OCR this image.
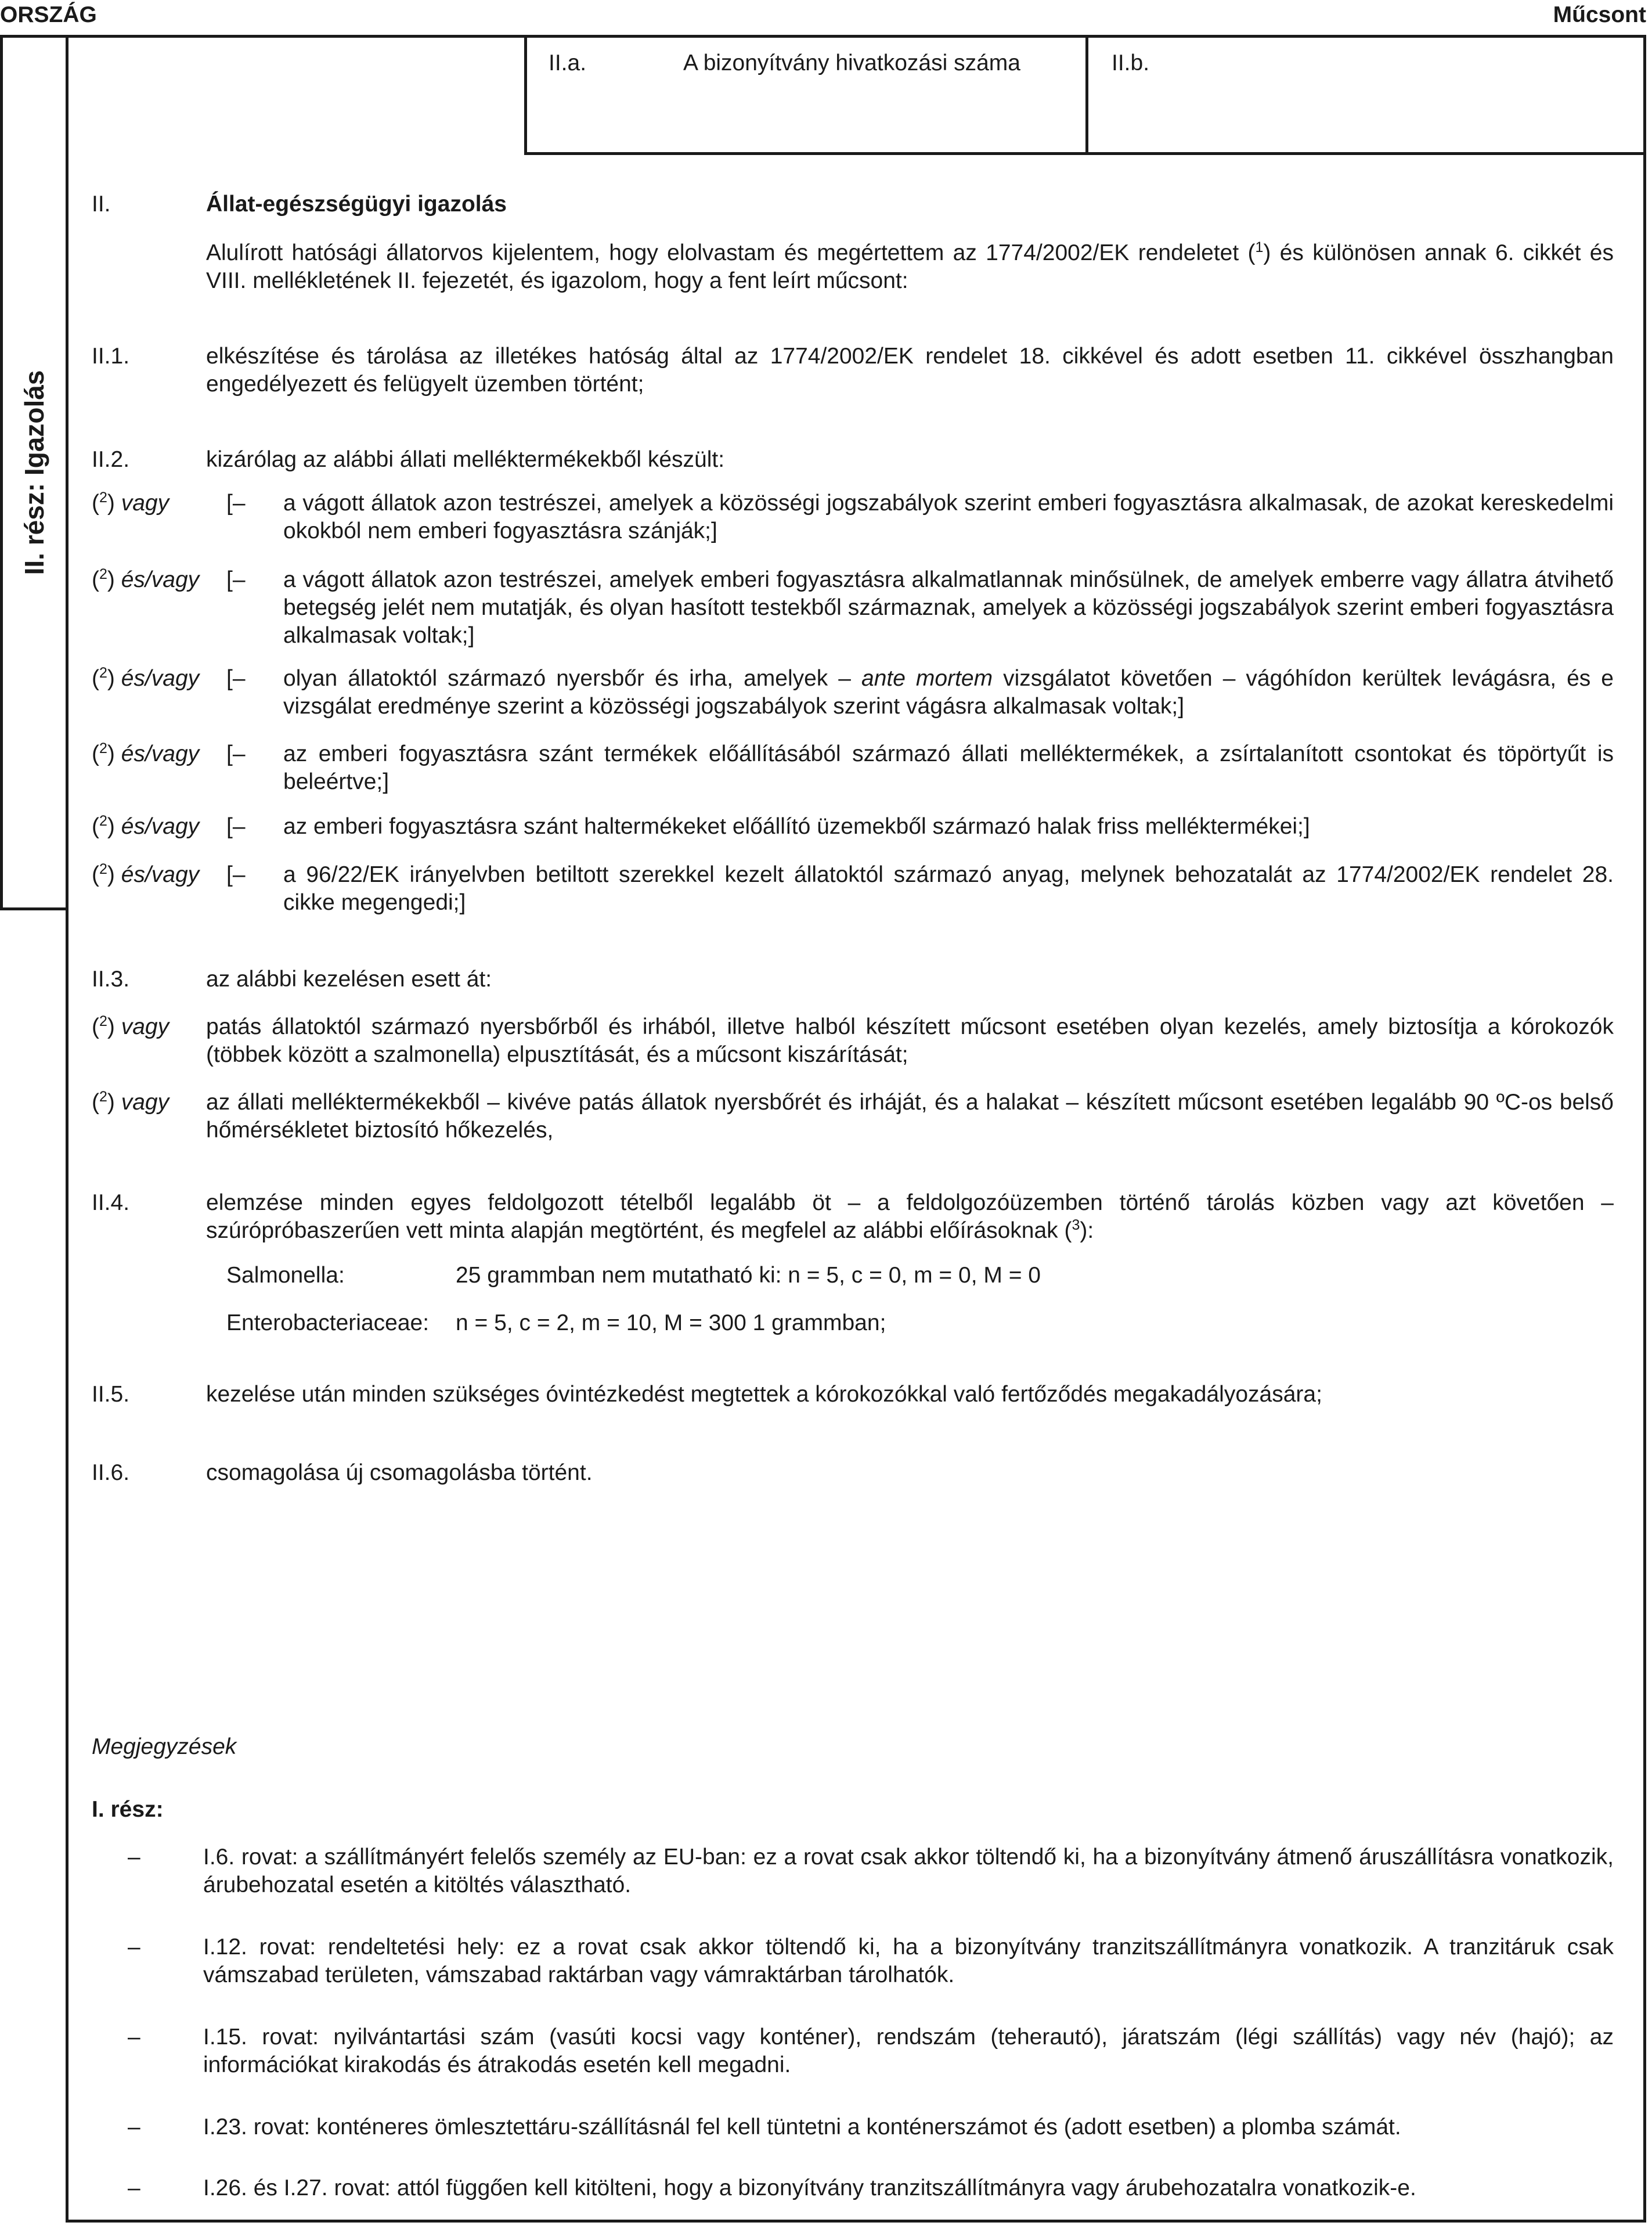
ORSZÁG	Műcsont
II. rész: Igazolás
II.a.	A bizonyítvány hivatkozási száma	II.b.
II.	Állat-egészségügyi igazolás
Alulírott hatósági állatorvos kijelentem, hogy elolvastam és megértettem az 1774/2002/EK rendeletet ($^1$) és különösen annak 6. cikkét és VIII. mellékletének II. fejezetét, és igazolom, hogy a fent leírt műcsont:
II.1.	elkészítése és tárolása az illetékes hatóság által az 1774/2002/EK rendelet 18. cikkével és adott esetben 11. cikkével összhangban engedélyezett és felügyelt üzemben történt;
II.2.	kizárólag az alábbi állati melléktermékekből készült:
($^2$) vagy	[– a vágott állatok azon testrészei, amelyek a közösségi jogszabályok szerint emberi fogyasztásra alkalmasak, de azokat kereskedelmi okokból nem emberi fogyasztásra szánják;]
($^2$) és/vagy [– a vágott állatok azon testrészei, amelyek emberi fogyasztásra alkalmatlannak minősülnek, de amelyek emberre vagy állatra átvihető betegség jelét nem mutatják, és olyan hasított testekből származnak, amelyek a közösségi jogszabályok szerint emberi fogyasztásra alkalmasak voltak;]
($^2$) és/vagy [– olyan állatoktól származó nyersbőr és irha, amelyek – ante mortem vizsgálatot követően – vágóhídon kerültek levágásra, és e vizsgálat eredménye szerint a közösségi jogszabályok szerint vágásra alkalmasak voltak;]
($^2$) és/vagy [– az emberi fogyasztásra szánt termékek előállításából származó állati melléktermékek, a zsírtalanított csontokat és töpörtyűt is beleértve;]
($^2$) és/vagy [– az emberi fogyasztásra szánt haltermékeket előállító üzemekből származó halak friss melléktermékei;]
($^2$) és/vagy [– a 96/22/EK irányelvben betiltott szerekkel kezelt állatoktól származó anyag, melynek behozatalát az 1774/2002/EK rendelet 28. cikke megengedi;]
II.3.	az alábbi kezelésen esett át:
($^2$) vagy patás állatoktól származó nyersbőrből és irhából, illetve halból készített műcsont esetében olyan kezelés, amely biztosítja a kórokozók (többek között a szalmonella) elpusztítását, és a műcsont kiszárítását;
($^2$) vagy az állati melléktermékekből – kivéve patás állatok nyersbőrét és irháját, és a halakat – készített műcsont esetében legalább 90 ºC-os belső hőmérsékletet biztosító hőkezelés,
II.4.	elemzése minden egyes feldolgozott tételből legalább öt – a feldolgozóüzemben történő tárolás közben vagy azt követően – szúrópróbaszerűen vett minta alapján megtörtént, és megfelel az alábbi előírásoknak ($^3$):
Salmonella:	25 grammban nem mutatható ki: n = 5, c = 0, m = 0, M = 0
Enterobacteriaceae: n = 5, c = 2, m = 10, M = 300 1 grammban;
II.5.	kezelése után minden szükséges óvintézkedést megtettek a kórokozókkal való fertőződés megakadályozására;
II.6.	csomagolása új csomagolásba történt.
Megjegyzések
I. rész:
–	I.6. rovat: a szállítmányért felelős személy az EU-ban: ez a rovat csak akkor töltendő ki, ha a bizonyítvány átmenő áruszállításra vonatkozik, árubehozatal esetén a kitöltés választható.
–	I.12. rovat: rendeltetési hely: ez a rovat csak akkor töltendő ki, ha a bizonyítvány tranzitszállítmányra vonatkozik. A tranzitáruk csak vámszabad területen, vámszabad raktárban vagy vámraktárban tárolhatók.
–	I.15. rovat: nyilvántartási szám (vasúti kocsi vagy konténer), rendszám (teherautó), járatszám (légi szállítás) vagy név (hajó); az információkat kirakodás és átrakodás esetén kell megadni.
–	I.23. rovat: konténeres ömlesztettáru-szállításnál fel kell tüntetni a konténerszámot és (adott esetben) a plomba számát.
–	I.26. és I.27. rovat: attól függően kell kitölteni, hogy a bizonyítvány tranzitszállítmányra vagy árubehozatalra vonatkozik-e.
